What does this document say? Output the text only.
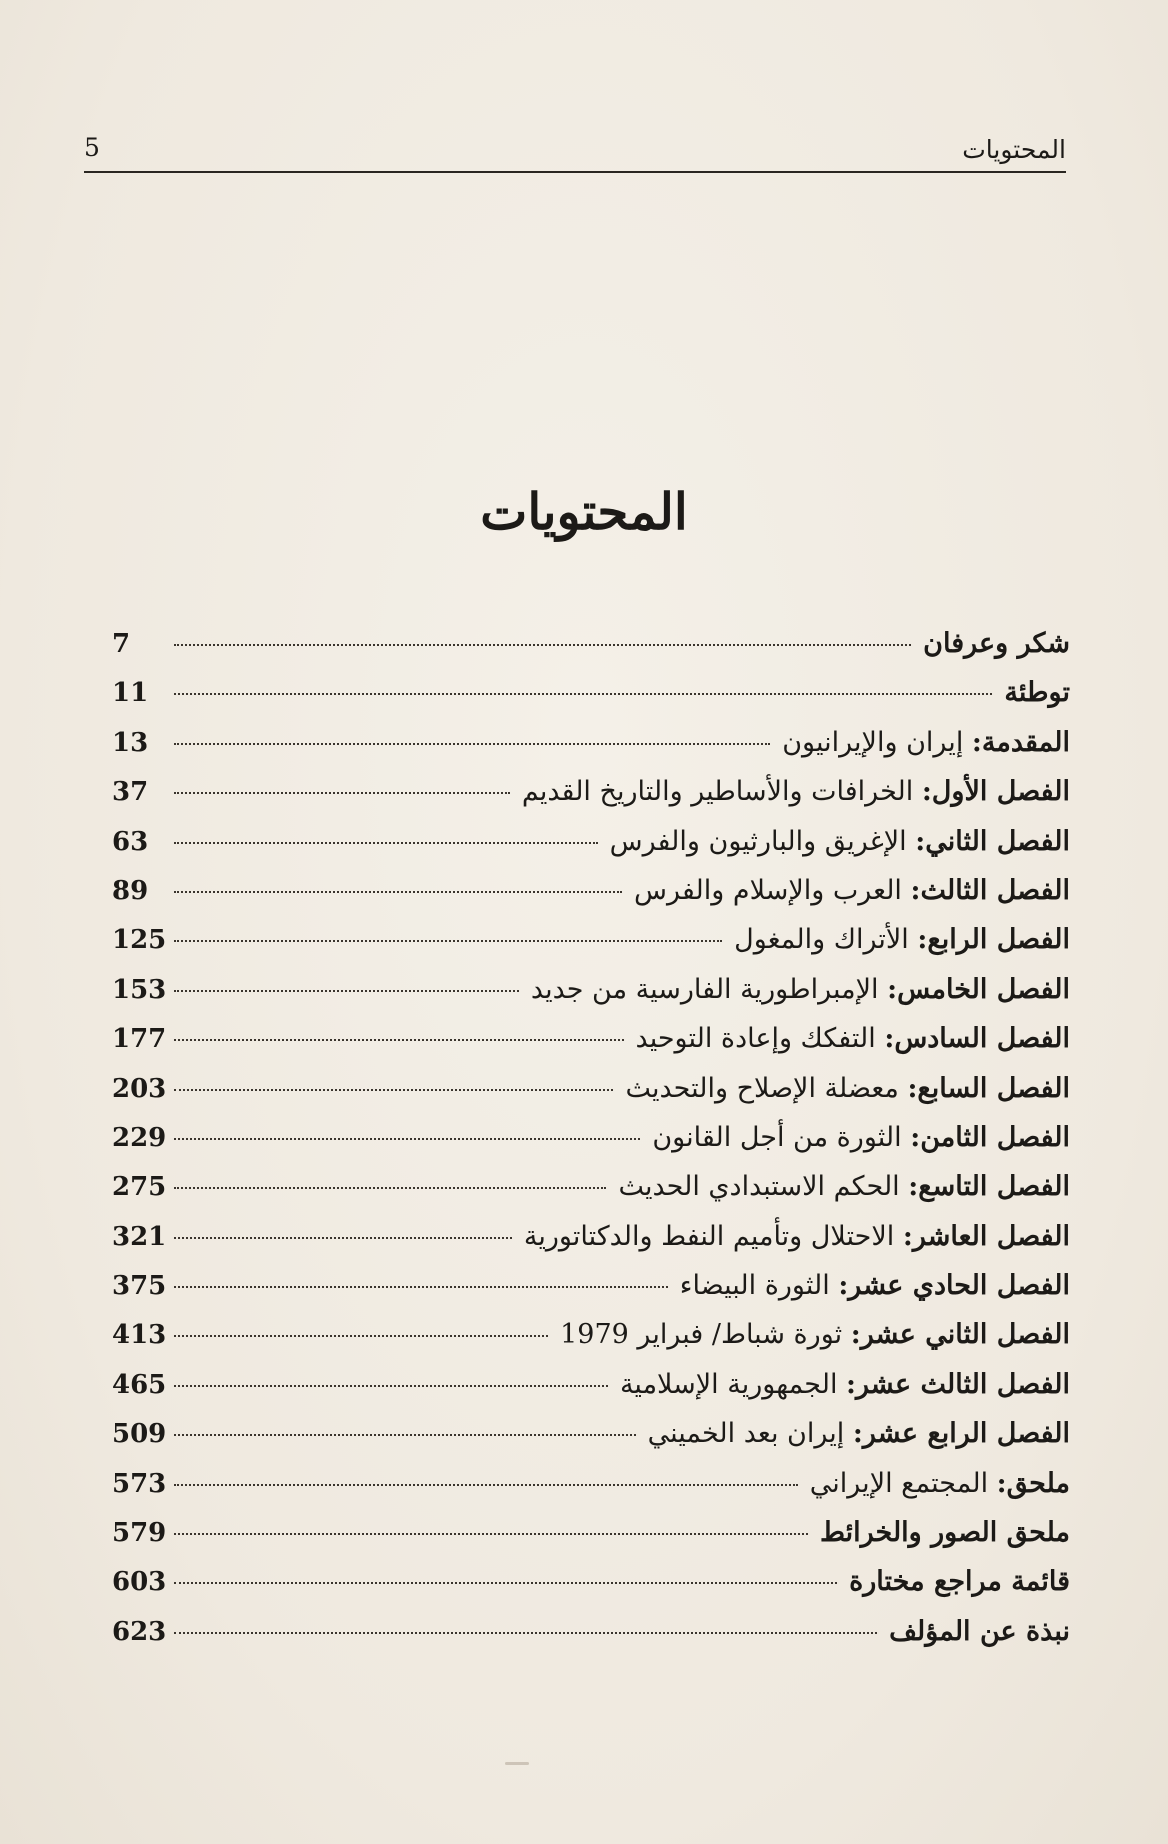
المحتويات
5
المحتويات
شكر وعرفان
7
توطئة
11
المقدمة: إيران والإيرانيون
13
الفصل الأول: الخرافات والأساطير والتاريخ القديم
37
الفصل الثاني: الإغريق والبارثيون والفرس
63
الفصل الثالث: العرب والإسلام والفرس
89
الفصل الرابع: الأتراك والمغول
125
الفصل الخامس: الإمبراطورية الفارسية من جديد
153
الفصل السادس: التفكك وإعادة التوحيد
177
الفصل السابع: معضلة الإصلاح والتحديث
203
الفصل الثامن: الثورة من أجل القانون
229
الفصل التاسع: الحكم الاستبدادي الحديث
275
الفصل العاشر: الاحتلال وتأميم النفط والدكتاتورية
321
الفصل الحادي عشر: الثورة البيضاء
375
الفصل الثاني عشر: ثورة شباط/ فبراير 1979
413
الفصل الثالث عشر: الجمهورية الإسلامية
465
الفصل الرابع عشر: إيران بعد الخميني
509
ملحق: المجتمع الإيراني
573
ملحق الصور والخرائط
579
قائمة مراجع مختارة
603
نبذة عن المؤلف
623
